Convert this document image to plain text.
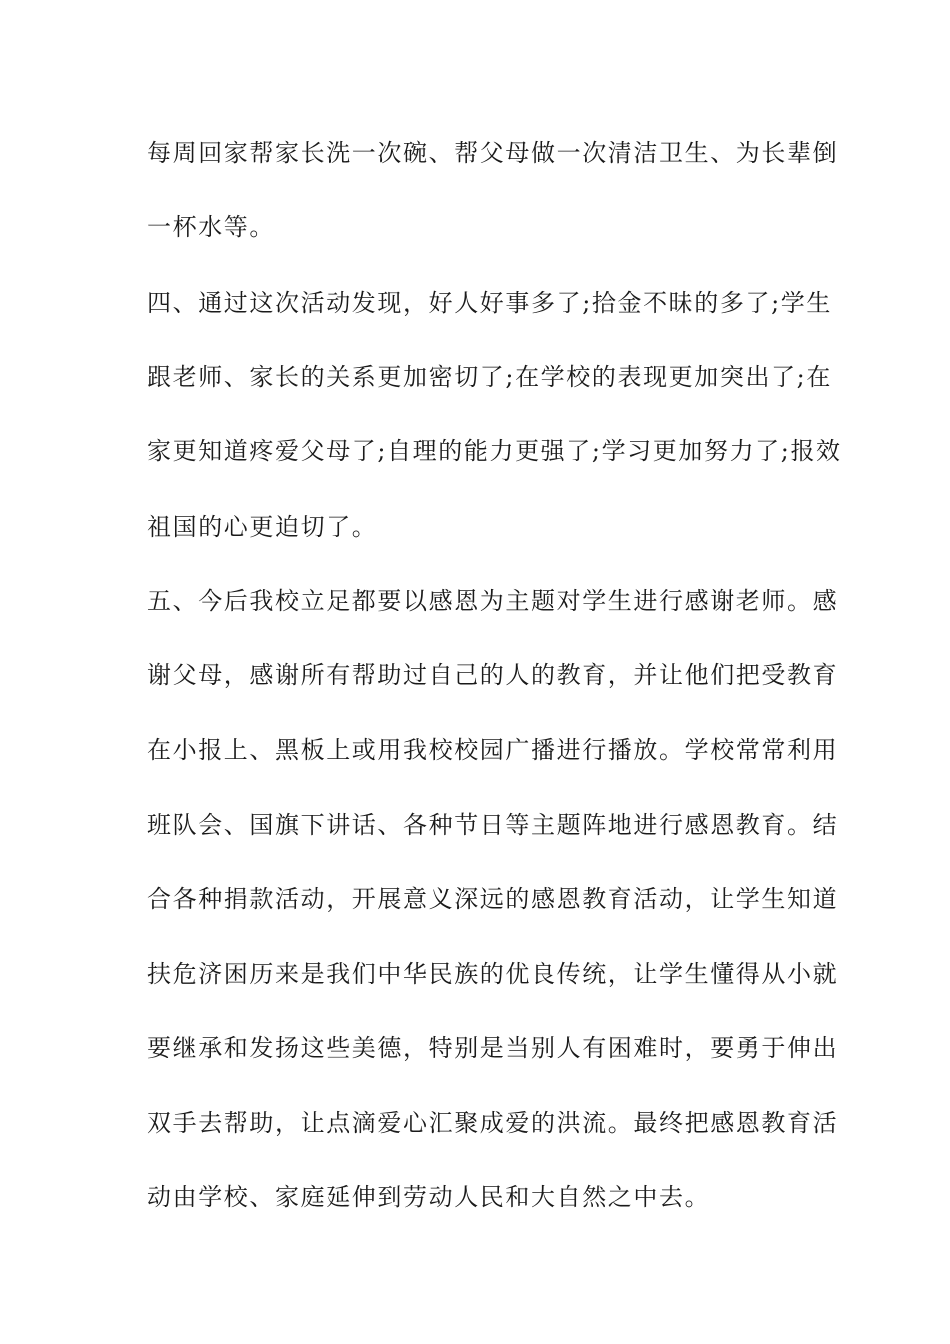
每周回家帮家长洗一次碗、帮父母做一次清洁卫生、为长辈倒
一杯水等。
四、通过这次活动发现，好人好事多了;拾金不昧的多了;学生
跟老师、家长的关系更加密切了;在学校的表现更加突出了;在
家更知道疼爱父母了;自理的能力更强了;学习更加努力了;报效
祖国的心更迫切了。
五、今后我校立足都要以感恩为主题对学生进行感谢老师。感
谢父母，感谢所有帮助过自己的人的教育，并让他们把受教育
在小报上、黑板上或用我校校园广播进行播放。学校常常利用
班队会、国旗下讲话、各种节日等主题阵地进行感恩教育。结
合各种捐款活动，开展意义深远的感恩教育活动，让学生知道
扶危济困历来是我们中华民族的优良传统，让学生懂得从小就
要继承和发扬这些美德，特别是当别人有困难时，要勇于伸出
双手去帮助，让点滴爱心汇聚成爱的洪流。最终把感恩教育活
动由学校、家庭延伸到劳动人民和大自然之中去。
